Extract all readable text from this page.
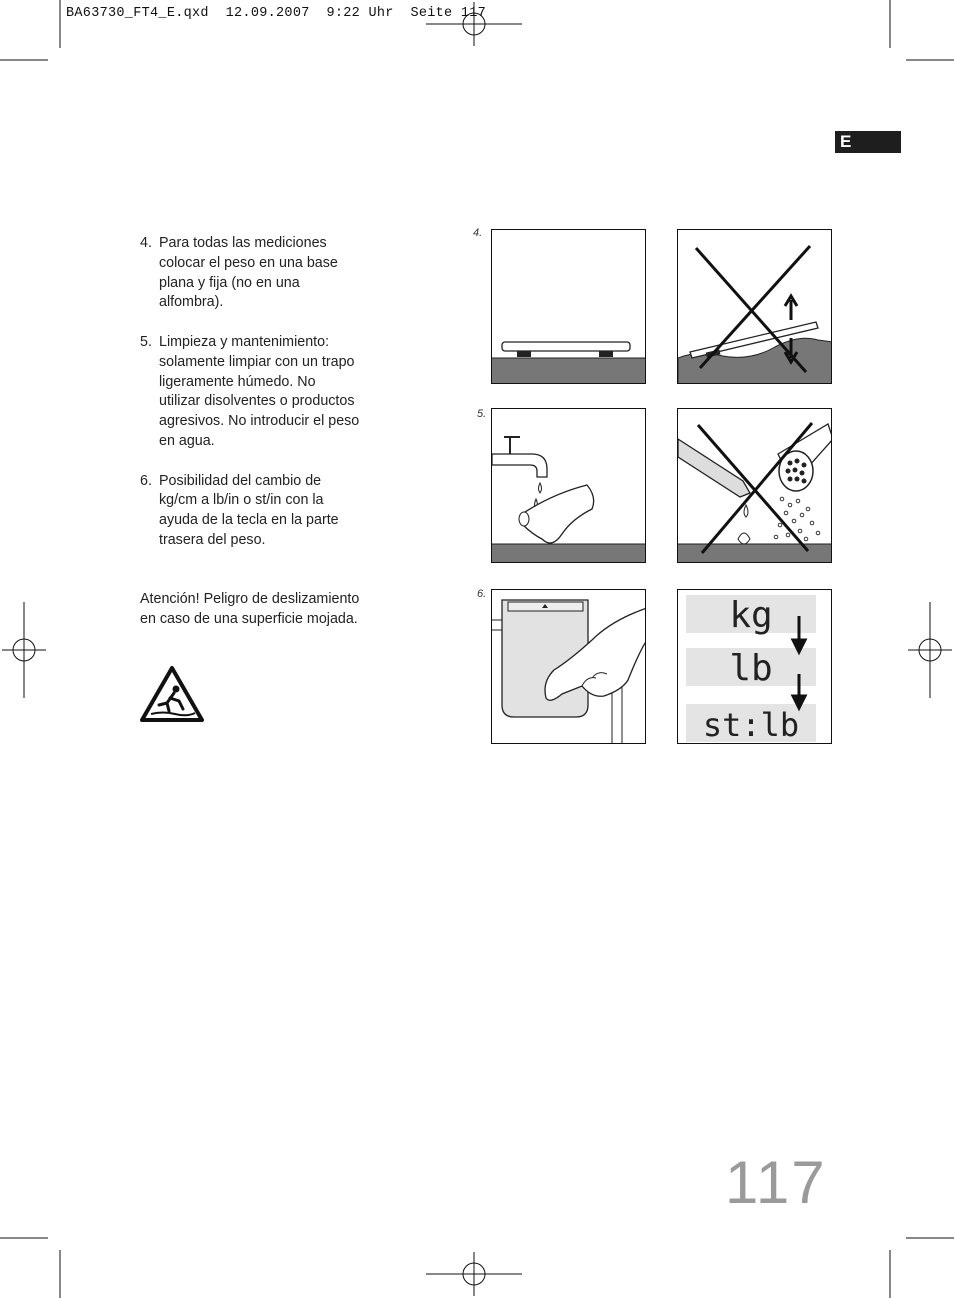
BA63730_FT4_E.qxd  12.09.2007  9:22 Uhr  Seite 117
E
4. Para todas las mediciones colocar el peso en una base plana y fija (no en una alfombra).
5. Limpieza y mantenimiento: solamente limpiar con un trapo ligeramente húmedo. No utilizar disolventes o productos agresivos. No introducir el peso en agua.
6. Posibilidad del cambio de kg/cm a lb/in o st/in con la ayuda de la tecla en la parte trasera del peso.
Atención! Peligro de deslizamiento en caso de una superficie mojada.
4.
5.
6.
kg
lb
st:lb
117
